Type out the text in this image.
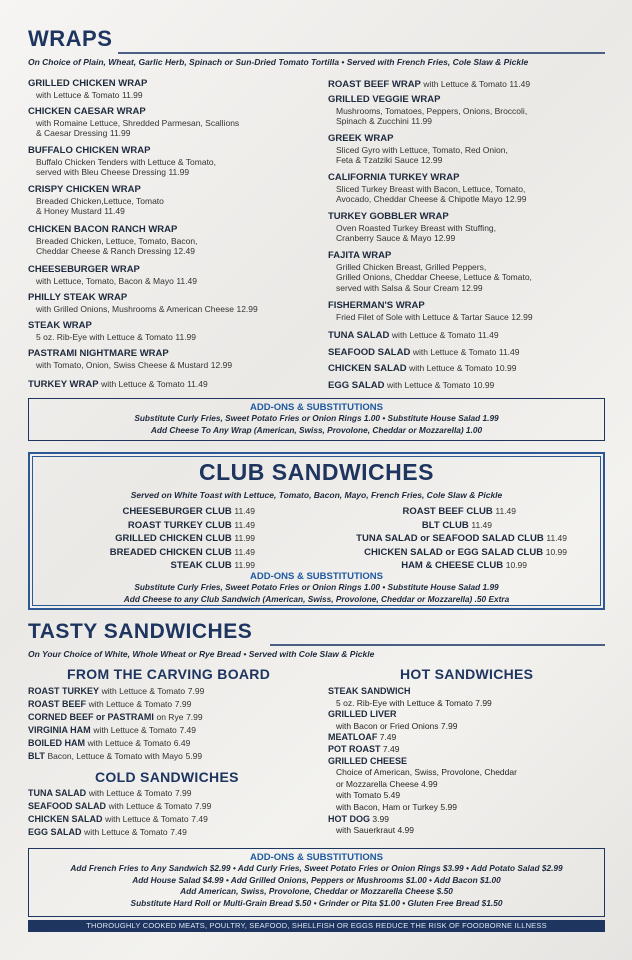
WRAPS
On Choice of Plain, Wheat, Garlic Herb, Spinach or Sun-Dried Tomato Tortilla • Served with French Fries, Cole Slaw & Pickle
GRILLED CHICKEN WRAP
with Lettuce & Tomato 11.99
CHICKEN CAESAR WRAP
with Romaine Lettuce, Shredded Parmesan, Scallions
& Caesar Dressing 11.99
BUFFALO CHICKEN WRAP
Buffalo Chicken Tenders with Lettuce & Tomato,
served with Bleu Cheese Dressing 11.99
CRISPY CHICKEN WRAP
Breaded Chicken,Lettuce, Tomato
& Honey Mustard 11.49
CHICKEN BACON RANCH WRAP
Breaded Chicken, Lettuce, Tomato, Bacon,
Cheddar Cheese & Ranch Dressing 12.49
CHEESEBURGER WRAP
with Lettuce, Tomato, Bacon & Mayo 11.49
PHILLY STEAK WRAP
with Grilled Onions, Mushrooms & American Cheese 12.99
STEAK WRAP
5 oz. Rib-Eye with Lettuce & Tomato 11.99
PASTRAMI NIGHTMARE WRAP
with Tomato, Onion, Swiss Cheese & Mustard 12.99
TURKEY WRAP with Lettuce & Tomato 11.49
ROAST BEEF WRAP with Lettuce & Tomato 11.49
GRILLED VEGGIE WRAP
Mushrooms, Tomatoes, Peppers, Onions, Broccoli,
Spinach & Zucchini 11.99
GREEK WRAP
Sliced Gyro with Lettuce, Tomato, Red Onion,
Feta & Tzatziki Sauce 12.99
CALIFORNIA TURKEY WRAP
Sliced Turkey Breast with Bacon, Lettuce, Tomato,
Avocado, Cheddar Cheese & Chipotle Mayo 12.99
TURKEY GOBBLER WRAP
Oven Roasted Turkey Breast with Stuffing,
Cranberry Sauce & Mayo 12.99
FAJITA WRAP
Grilled Chicken Breast, Grilled Peppers,
Grilled Onions, Cheddar Cheese, Lettuce & Tomato,
served with Salsa & Sour Cream 12.99
FISHERMAN'S WRAP
Fried Filet of Sole with Lettuce & Tartar Sauce 12.99
TUNA SALAD with Lettuce & Tomato 11.49
SEAFOOD SALAD with Lettuce & Tomato 11.49
CHICKEN SALAD with Lettuce & Tomato 10.99
EGG SALAD with Lettuce & Tomato 10.99
ADD-ONS & SUBSTITUTIONS
Substitute Curly Fries, Sweet Potato Fries or Onion Rings 1.00 • Substitute House Salad 1.99
Add Cheese To Any Wrap (American, Swiss, Provolone, Cheddar or Mozzarella) 1.00
CLUB SANDWICHES
Served on White Toast with Lettuce, Tomato, Bacon, Mayo, French Fries, Cole Slaw & Pickle
CHEESEBURGER CLUB 11.49
ROAST TURKEY CLUB 11.49
GRILLED CHICKEN CLUB 11.99
BREADED CHICKEN CLUB 11.49
STEAK CLUB 11.99
ROAST BEEF CLUB 11.49
BLT CLUB 11.49
TUNA SALAD or SEAFOOD SALAD CLUB 11.49
CHICKEN SALAD or EGG SALAD CLUB 10.99
HAM & CHEESE CLUB 10.99
ADD-ONS & SUBSTITUTIONS
Substitute Curly Fries, Sweet Potato Fries or Onion Rings 1.00 • Substitute House Salad 1.99
Add Cheese to any Club Sandwich (American, Swiss, Provolone, Cheddar or Mozzarella) .50 Extra
TASTY SANDWICHES
On Your Choice of White, Whole Wheat or Rye Bread • Served with Cole Slaw & Pickle
FROM THE CARVING BOARD
ROAST TURKEY with Lettuce & Tomato 7.99
ROAST BEEF with Lettuce & Tomato 7.99
CORNED BEEF or PASTRAMI on Rye 7.99
VIRGINIA HAM with Lettuce & Tomato 7.49
BOILED HAM with Lettuce & Tomato 6.49
BLT Bacon, Lettuce & Tomato with Mayo 5.99
COLD SANDWICHES
TUNA SALAD with Lettuce & Tomato 7.99
SEAFOOD SALAD with Lettuce & Tomato 7.99
CHICKEN SALAD with Lettuce & Tomato 7.49
EGG SALAD with Lettuce & Tomato 7.49
HOT SANDWICHES
STEAK SANDWICH
5 oz. Rib-Eye with Lettuce & Tomato 7.99
GRILLED LIVER
with Bacon or Fried Onions 7.99
MEATLOAF 7.49
POT ROAST 7.49
GRILLED CHEESE
Choice of American, Swiss, Provolone, Cheddar
or Mozzarella Cheese 4.99
with Tomato 5.49
with Bacon, Ham or Turkey 5.99
HOT DOG 3.99
with Sauerkraut 4.99
ADD-ONS & SUBSTITUTIONS
Add French Fries to Any Sandwich $2.99 • Add Curly Fries, Sweet Potato Fries or Onion Rings $3.99 • Add Potato Salad $2.99
Add House Salad $4.99 • Add Grilled Onions, Peppers or Mushrooms $1.00 • Add Bacon $1.00
Add American, Swiss, Provolone, Cheddar or Mozzarella Cheese $.50
Substitute Hard Roll or Multi-Grain Bread $.50 • Grinder or Pita $1.00 • Gluten Free Bread $1.50
THOROUGHLY COOKED MEATS, POULTRY, SEAFOOD, SHELLFISH OR EGGS REDUCE THE RISK OF FOODBORNE ILLNESS
